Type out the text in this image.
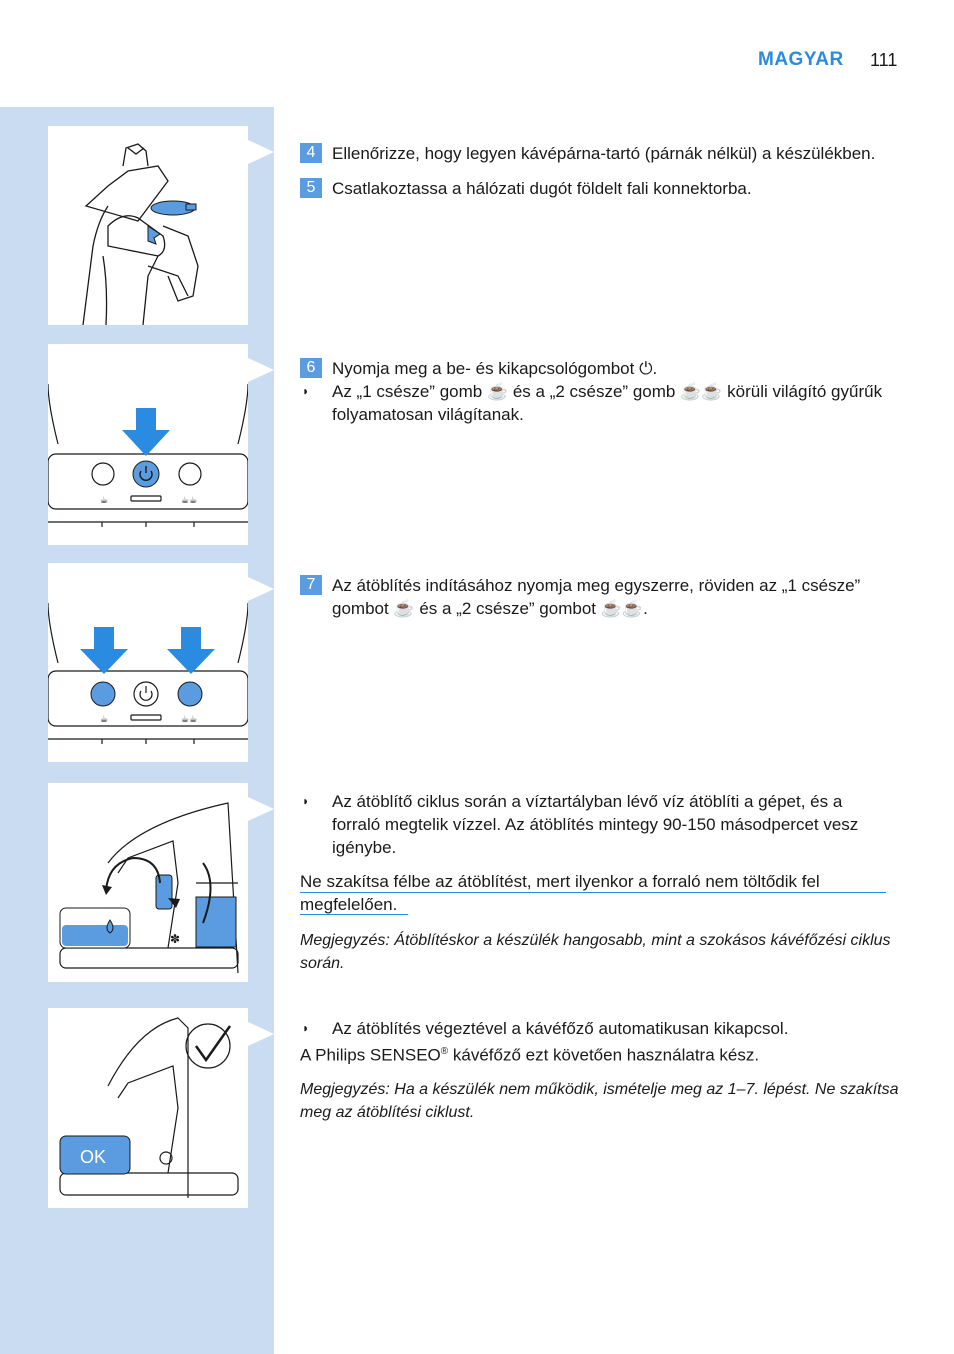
MAGYAR 111
☕	☕☕
☕	☕☕
✽
OK
4 Ellenőrizze, hogy legyen kávépárna-tartó (párnák nélkül) a készülékben.
5 Csatlakoztassa a hálózati dugót földelt fali konnektorba.
6 Nyomja meg a be- és kikapcsológombot ⏻.
◗	Az „1 csésze” gomb ☕ és a „2 csésze” gomb ☕☕ körüli világító gyűrűk folyamatosan világítanak.
7 Az átöblítés indításához nyomja meg egyszerre, röviden az „1 csésze” gombot ☕ és a „2 csésze” gombot ☕☕.
◗	Az átöblítő ciklus során a víztartályban lévő víz átöblíti a gépet, és a forraló megtelik vízzel. Az átöblítés mintegy 90-150 másodpercet vesz igénybe.
Ne szakítsa félbe az átöblítést, mert ilyenkor a forraló nem töltődik fel megfelelően.
Megjegyzés: Átöblítéskor a készülék hangosabb, mint a szokásos kávéfőzési ciklus során.
◗	Az átöblítés végeztével a kávéfőző automatikusan kikapcsol.
A Philips SENSEO® kávéfőző ezt követően használatra kész.
Megjegyzés: Ha a készülék nem működik, ismételje meg az 1–7. lépést. Ne szakítsa meg az átöblítési ciklust.
